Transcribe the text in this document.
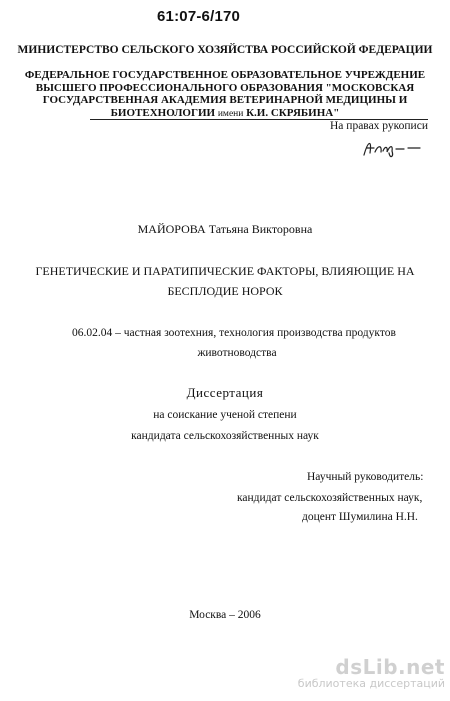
61:07-6/170
МИНИСТЕРСТВО СЕЛЬСКОГО ХОЗЯЙСТВА РОССИЙСКОЙ ФЕДЕРАЦИИ
ФЕДЕРАЛЬНОЕ ГОСУДАРСТВЕННОЕ ОБРАЗОВАТЕЛЬНОЕ УЧРЕЖДЕНИЕ
ВЫСШЕГО ПРОФЕССИОНАЛЬНОГО ОБРАЗОВАНИЯ "МОСКОВСКАЯ
ГОСУДАРСТВЕННАЯ АКАДЕМИЯ ВЕТЕРИНАРНОЙ МЕДИЦИНЫ И
БИОТЕХНОЛОГИИ имени К.И. СКРЯБИНА"
На правах рукописи
МАЙОРОВА Татьяна Викторовна
ГЕНЕТИЧЕСКИЕ И ПАРАТИПИЧЕСКИЕ ФАКТОРЫ, ВЛИЯЮЩИЕ НА
БЕСПЛОДИЕ НОРОК
06.02.04 – частная зоотехния, технология производства продуктов
животноводства
Диссертация
на соискание ученой степени
кандидата сельскохозяйственных наук
Научный руководитель:
кандидат сельскохозяйственных наук,
доцент Шумилина Н.Н.
Москва – 2006
dsLib.net
библиотека диссертаций
